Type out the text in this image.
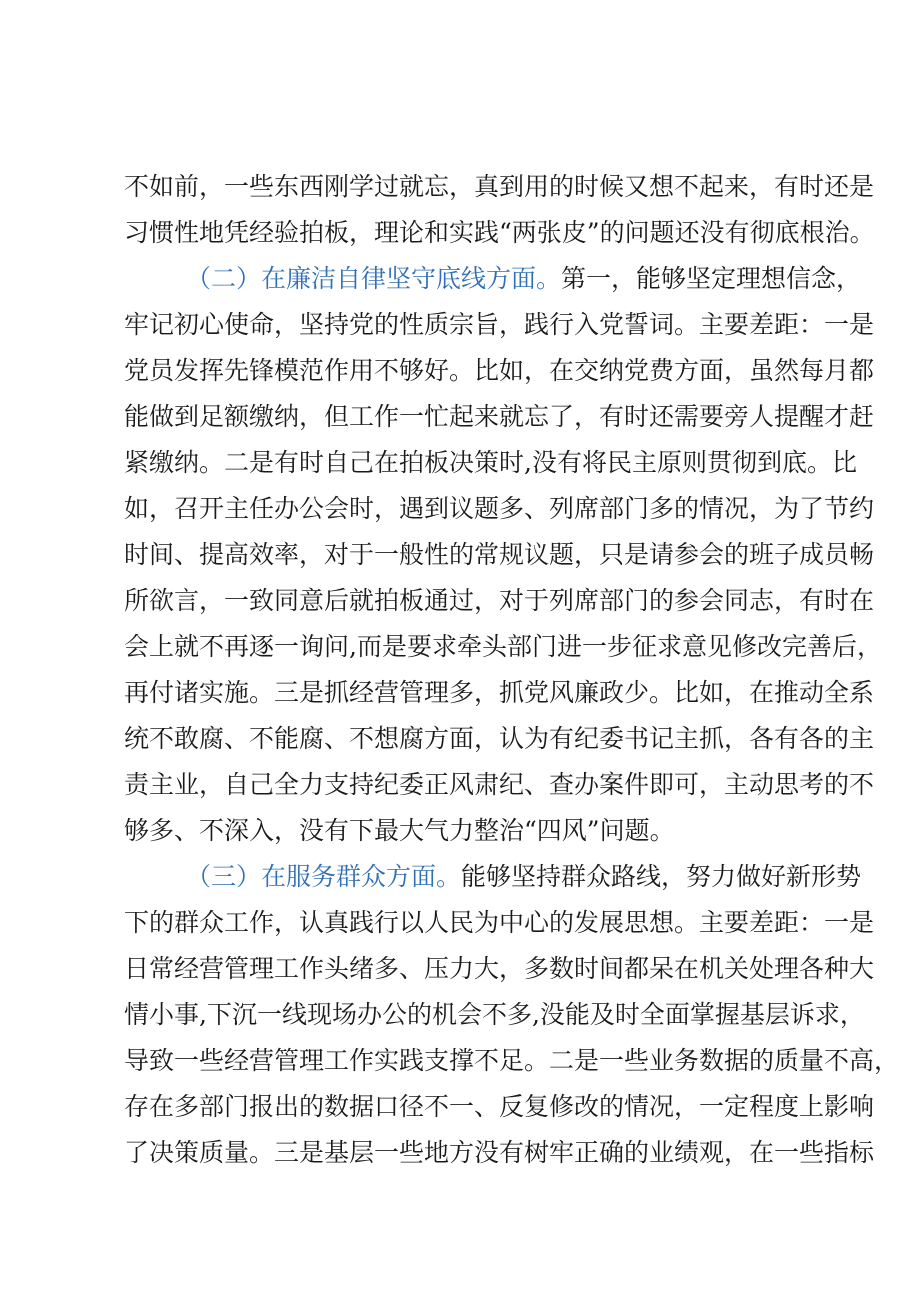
不如前，一些东西刚学过就忘，真到用的时候又想不起来，有时还是
习惯性地凭经验拍板，理论和实践“两张皮”的问题还没有彻底根治。
（二）在廉洁自律坚守底线方面。第一，能够坚定理想信念，
牢记初心使命，坚持党的性质宗旨，践行入党誓词。主要差距：一是
党员发挥先锋模范作用不够好。比如，在交纳党费方面，虽然每月都
能做到足额缴纳，但工作一忙起来就忘了，有时还需要旁人提醒才赶
紧缴纳。二是有时自己在拍板决策时,没有将民主原则贯彻到底。比
如，召开主任办公会时，遇到议题多、列席部门多的情况，为了节约
时间、提高效率，对于一般性的常规议题，只是请参会的班子成员畅
所欲言，一致同意后就拍板通过，对于列席部门的参会同志，有时在
会上就不再逐一询问,而是要求牵头部门进一步征求意见修改完善后，
再付诸实施。三是抓经营管理多，抓党风廉政少。比如，在推动全系
统不敢腐、不能腐、不想腐方面，认为有纪委书记主抓，各有各的主
责主业，自己全力支持纪委正风肃纪、查办案件即可，主动思考的不
够多、不深入，没有下最大气力整治“四风”问题。
（三）在服务群众方面。能够坚持群众路线，努力做好新形势
下的群众工作，认真践行以人民为中心的发展思想。主要差距：一是
日常经营管理工作头绪多、压力大，多数时间都呆在机关处理各种大
情小事,下沉一线现场办公的机会不多,没能及时全面掌握基层诉求，
导致一些经营管理工作实践支撑不足。二是一些业务数据的质量不高，
存在多部门报出的数据口径不一、反复修改的情况，一定程度上影响
了决策质量。三是基层一些地方没有树牢正确的业绩观，在一些指标
